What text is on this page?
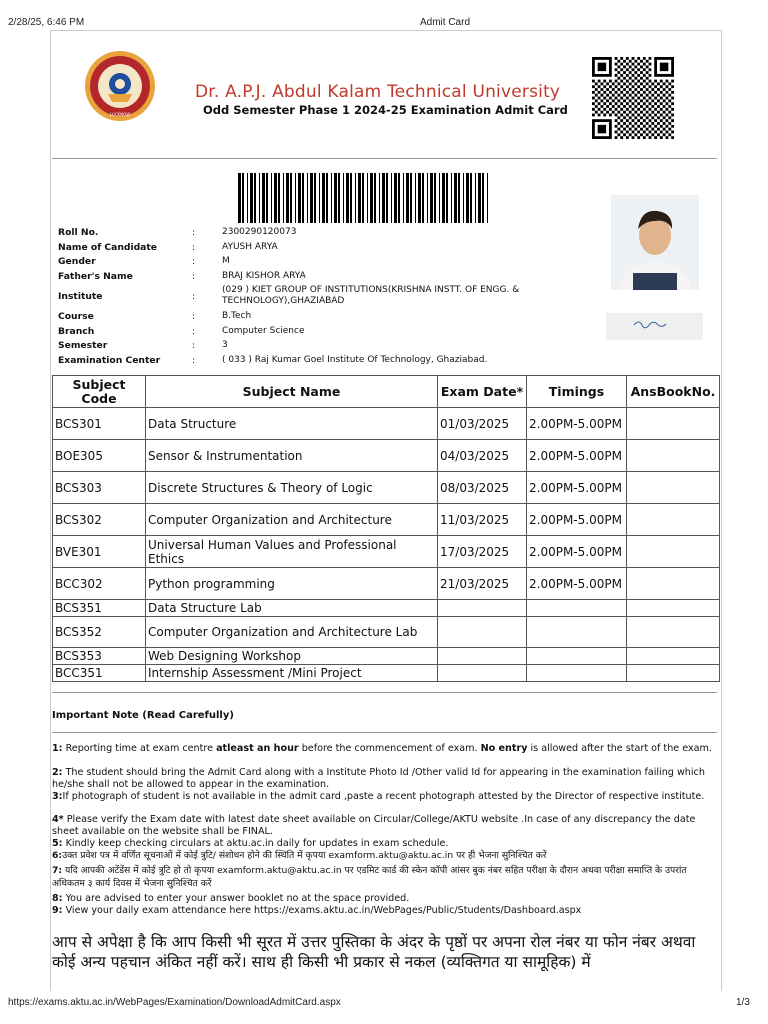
2/28/25, 6:46 PM	Admit Card
LUCKNOW
Dr. A.P.J. Abdul Kalam Technical University
Odd Semester Phase 1 2024-25 Examination Admit Card
Roll No.	:	2300290120073
Name of Candidate	:	AYUSH ARYA
Gender	:	M
Father's Name	:	BRAJ KISHOR ARYA
Institute	:
(029 ) KIET GROUP OF INSTITUTIONS(KRISHNA INSTT. OF ENGG. & TECHNOLOGY),GHAZIABAD
Course	:	B.Tech
Branch	:	Computer Science
Semester	:	3
Examination Center	:	( 033 ) Raj Kumar Goel Institute Of Technology, Ghaziabad.
Subject Code	Subject Name	Exam Date*	Timings	AnsBookNo.
BCS301	Data Structure	01/03/2025	2.00PM-5.00PM	
BOE305	Sensor & Instrumentation	04/03/2025	2.00PM-5.00PM	
BCS303	Discrete Structures & Theory of Logic	08/03/2025	2.00PM-5.00PM	
BCS302	Computer Organization and Architecture	11/03/2025	2.00PM-5.00PM	
BVE301	Universal Human Values and Professional Ethics	17/03/2025	2.00PM-5.00PM	
BCC302	Python programming	21/03/2025	2.00PM-5.00PM	
BCS351	Data Structure Lab			
BCS352	Computer Organization and Architecture Lab			
BCS353	Web Designing Workshop			
BCC351	Internship Assessment /Mini Project			
Important Note (Read Carefully)
1: Reporting time at exam centre atleast an hour before the commencement of exam. No entry is allowed after the start of the exam.
2: The student should bring the Admit Card along with a Institute Photo Id /Other valid Id for appearing in the examination failing which he/she shall not be allowed to appear in the examination.
3:If photograph of student is not available in the admit card ,paste a recent photograph attested by the Director of respective institute.
4* Please verify the Exam date with latest date sheet available on Circular/College/AKTU website .In case of any discrepancy the date sheet available on the website shall be FINAL.
5: Kindly keep checking circulars at aktu.ac.in daily for updates in exam schedule.
6:उक्त प्रवेश पत्र में वर्णित सूचनाओं में कोई त्रुटि/ संशोधन होने की स्थिति में कृपया examform.aktu@aktu.ac.in पर ही भेजना सुनिश्चित करें
7: यदि आपकी अटेंडेंस में कोई त्रुटि हो तो कृपया examform.aktu@aktu.ac.in पर एडमिट कार्ड की स्केन कॉपी आंसर बुक नंबर सहित परीक्षा के दौरान अथवा परीक्षा समाप्ति के उपरांत अधिकतम ३ कार्य दिवस में भेजना सुनिश्चित करें
8: You are advised to enter your answer booklet no at the space provided.
9: View your daily exam attendance here https://exams.aktu.ac.in/WebPages/Public/Students/Dashboard.aspx
आप से अपेक्षा है कि आप किसी भी सूरत में उत्तर पुस्तिका के अंदर के पृष्ठों पर अपना रोल नंबर या फोन नंबर अथवा कोई अन्य पहचान अंकित नहीं करें। साथ ही किसी भी प्रकार से नकल (व्यक्तिगत या सामूहिक) में
https://exams.aktu.ac.in/WebPages/Examination/DownloadAdmitCard.aspx	1/3
